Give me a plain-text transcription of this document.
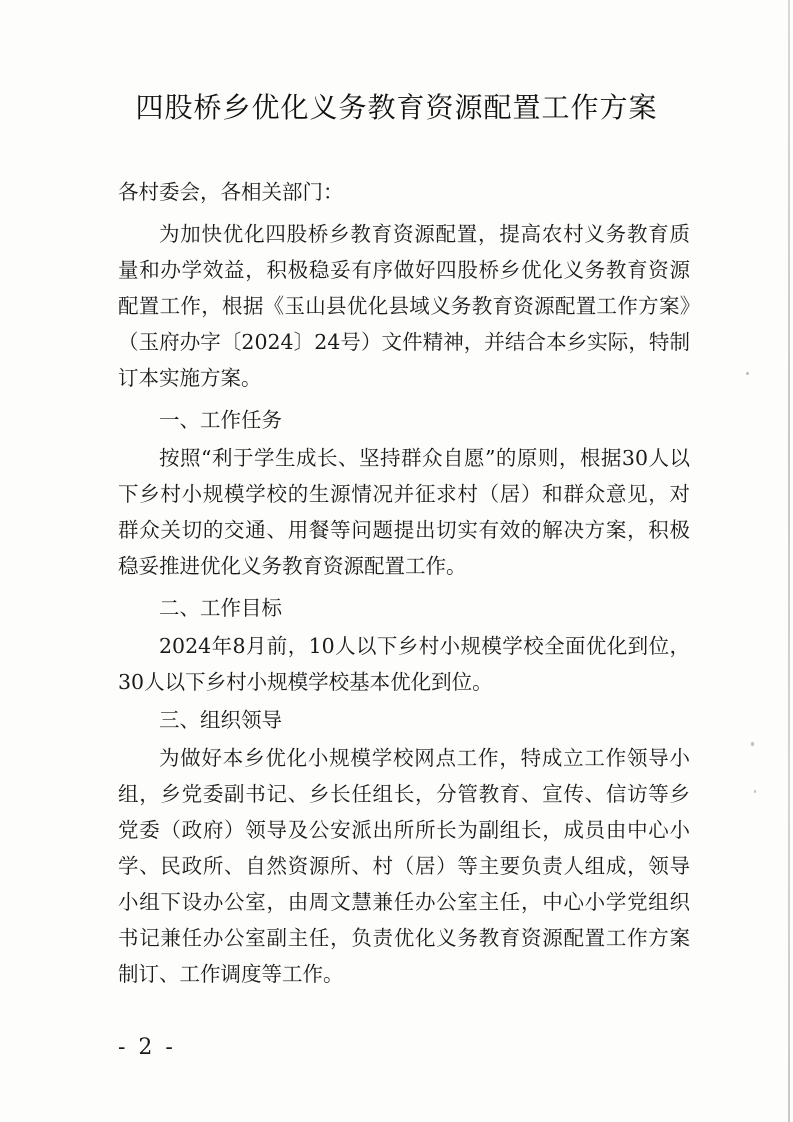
四股桥乡优化义务教育资源配置工作方案

各村委会，各相关部门：

为加快优化四股桥乡教育资源配置，提高农村义务教育质量和办学效益，积极稳妥有序做好四股桥乡优化义务教育资源配置工作，根据《玉山县优化县域义务教育资源配置工作方案》（玉府办字〔2024〕24号）文件精神，并结合本乡实际，特制订本实施方案。

一、工作任务

按照“利于学生成长、坚持群众自愿”的原则，根据30人以下乡村小规模学校的生源情况并征求村（居）和群众意见，对群众关切的交通、用餐等问题提出切实有效的解决方案，积极稳妥推进优化义务教育资源配置工作。

二、工作目标

2024年8月前，10人以下乡村小规模学校全面优化到位，30人以下乡村小规模学校基本优化到位。

三、组织领导

为做好本乡优化小规模学校网点工作，特成立工作领导小组，乡党委副书记、乡长任组长，分管教育、宣传、信访等乡党委（政府）领导及公安派出所所长为副组长，成员由中心小学、民政所、自然资源所、村（居）等主要负责人组成，领导小组下设办公室，由周文慧兼任办公室主任，中心小学党组织书记兼任办公室副主任，负责优化义务教育资源配置工作方案制订、工作调度等工作。

- 2 -
